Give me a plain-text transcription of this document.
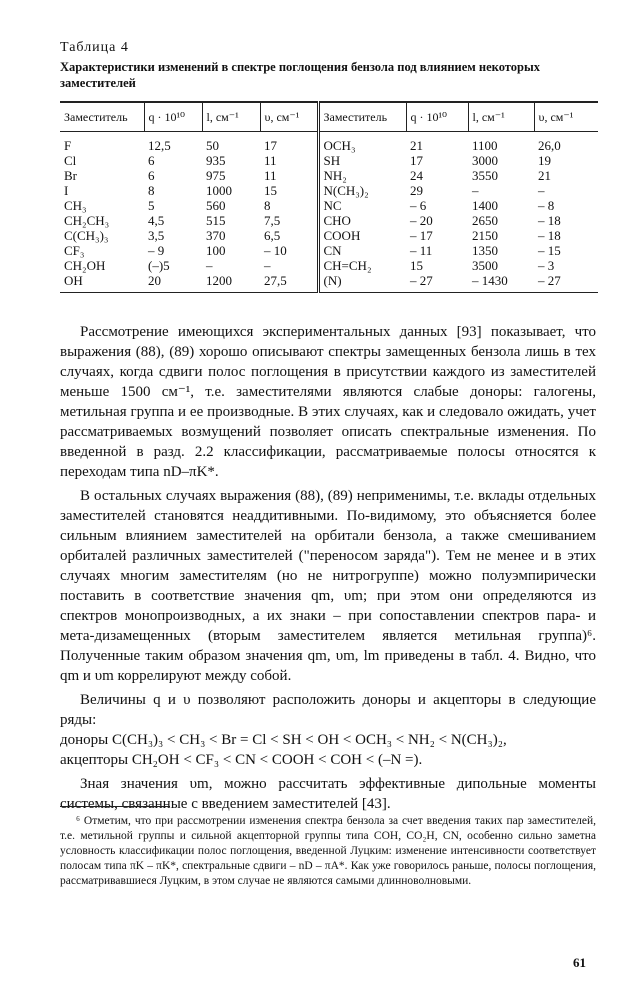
Таблица 4
Характеристики изменений в спектре поглощения бензола под влиянием некоторых заместителей
Заместитель	q · 10¹⁰	l, см⁻¹	υ, см⁻¹	Заместитель	q · 10¹⁰	l, см⁻¹	υ, см⁻¹
F	12,5	50	17	OCH₃	21	1100	26,0
Cl	6	935	11	SH	17	3000	19
Br	6	975	11	NH₂	24	3550	21
I	8	1000	15	N(CH₃)₂	29	–	–
CH₃	5	560	8	NC	– 6	1400	– 8
CH₂CH₃	4,5	515	7,5	CHO	– 20	2650	– 18
C(CH₃)₃	3,5	370	6,5	COOH	– 17	2150	– 18
CF₃	– 9	100	– 10	CN	– 11	1350	– 15
CH₂OH	(–)5	–	–	CH=CH₂	15	3500	– 3
OH	20	1200	27,5	(N)	– 27	– 1430	– 27

Рассмотрение имеющихся экспериментальных данных [93] показывает, что выражения (88), (89) хорошо описывают спектры замещенных бензола лишь в тех случаях, когда сдвиги полос поглощения в присутствии каждого из заместителей меньше 1500 см⁻¹, т.е. заместителями являются слабые доноры: галогены, метильная группа и ее производные. В этих случаях, как и следовало ожидать, учет рассматриваемых возмущений позволяет описать спектральные изменения. По введенной в разд. 2.2 классификации, рассматриваемые полосы относятся к переходам типа nD–πK*.

В остальных случаях выражения (88), (89) неприменимы, т.е. вклады отдельных заместителей становятся неаддитивными. По-видимому, это объясняется более сильным влиянием заместителей на орбитали бензола, а также смешиванием орбиталей различных заместителей ("переносом заряда"). Тем не менее и в этих случаях многим заместителям (но не нитрогруппе) можно полуэмпирически поставить в соответствие значения qm, υm; при этом они определяются из спектров монопроизводных, а их знаки – при сопоставлении спектров пара- и мета-дизамещенных (вторым заместителем является метильная группа)⁶. Полученные таким образом значения qm, υm, lm приведены в табл. 4. Видно, что qm и υm коррелируют между собой.

Величины q и υ позволяют расположить доноры и акцепторы в следующие ряды:

доноры C(CH₃)₃ < CH₃ < Br = Cl < SH < OH < OCH₃ < NH₂ < N(CH₃)₂,

акцепторы CH₂OH < CF₃ < CN < COOH < COH < (–N =).

Зная значения υm, можно рассчитать эффективные дипольные моменты системы, связанные с введением заместителей [43].

⁶ Отметим, что при рассмотрении изменения спектра бензола за счет введения таких пар заместителей, т.е. метильной группы и сильной акцепторной группы типа COH, CO₂H, CN, особенно сильно заметна условность классификации полос поглощения, введенной Луцким: изменение интенсивности соответствует полосам типа πK – πK*, спектральные сдвиги – nD – πA*. Как уже говорилось раньше, полосы поглощения, рассматривавшиеся Луцким, в этом случае не являются самыми длинноволновыми.
61
